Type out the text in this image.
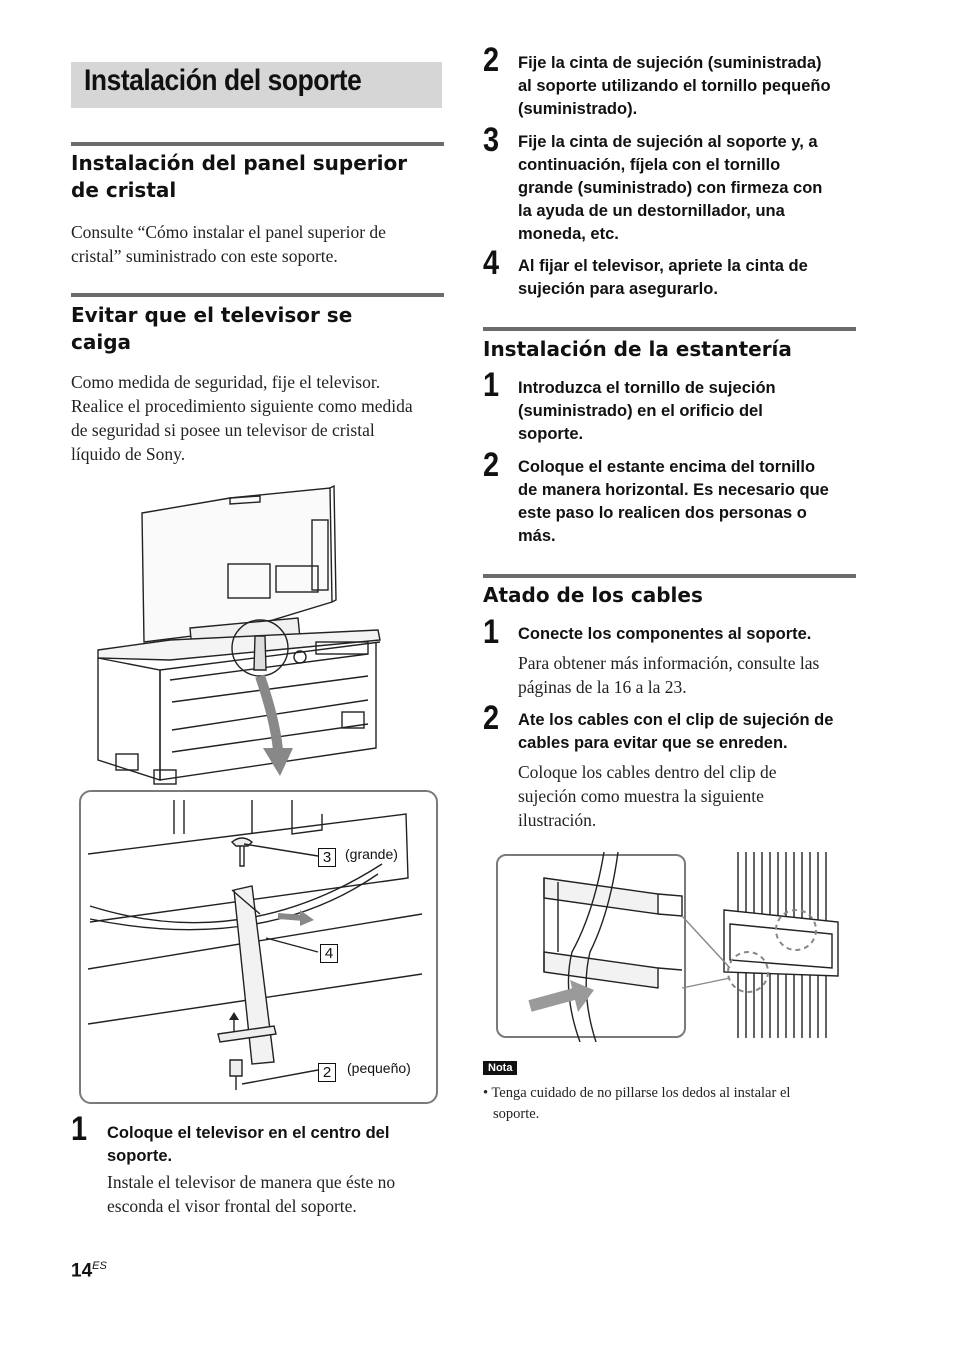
Instalación del soporte
Instalación del panel superior
de cristal
Consulte “Cómo instalar el panel superior de
cristal” suministrado con este soporte.
Evitar que el televisor se
caiga
Como medida de seguridad, fije el televisor.
Realice el procedimiento siguiente como medida
de seguridad si posee un televisor de cristal
líquido de Sony.
3 (grande)
4
2	(pequeño)
1 Coloque el televisor en el centro del
soporte.
Instale el televisor de manera que éste no
esconda el visor frontal del soporte.
$14^{ES}$
2 Fije la cinta de sujeción (suministrada)
al soporte utilizando el tornillo pequeño
(suministrado).
3 Fije la cinta de sujeción al soporte y, a
continuación, fíjela con el tornillo
grande (suministrado) con firmeza con
la ayuda de un destornillador, una
moneda, etc.
4 Al fijar el televisor, apriete la cinta de
sujeción para asegurarlo.
Instalación de la estantería
1 Introduzca el tornillo de sujeción
(suministrado) en el orificio del
soporte.
2 Coloque el estante encima del tornillo
de manera horizontal. Es necesario que
este paso lo realicen dos personas o
más.
Atado de los cables
1 Conecte los componentes al soporte.
Para obtener más información, consulte las
páginas de la 16 a la 23.
2 Ate los cables con el clip de sujeción de
cables para evitar que se enreden.
Coloque los cables dentro del clip de
sujeción como muestra la siguiente
ilustración.
Nota
• Tenga cuidado de no pillarse los dedos al instalar el
soporte.
